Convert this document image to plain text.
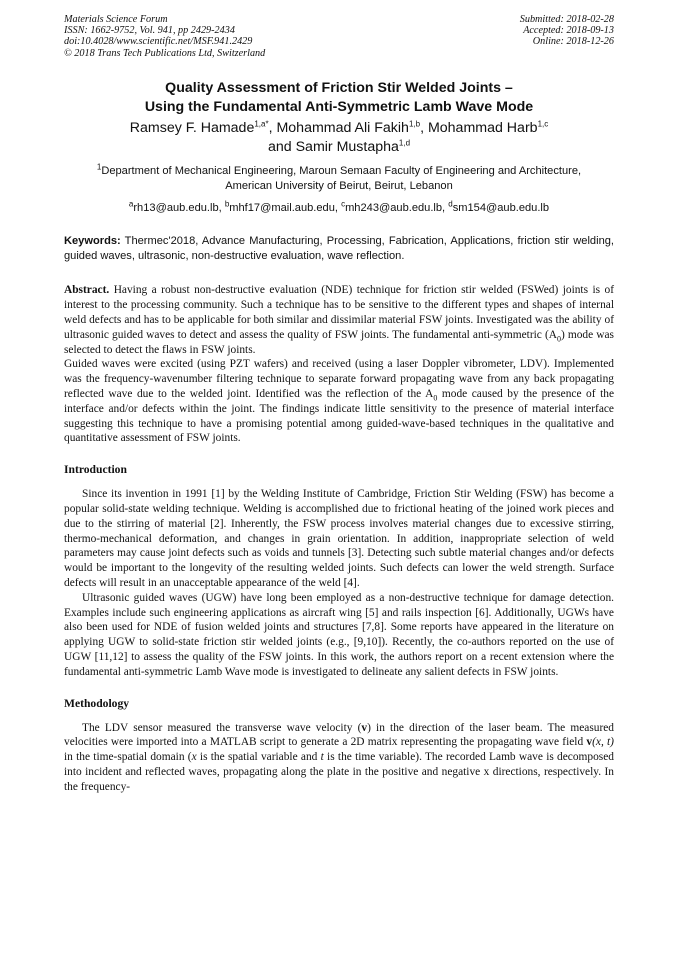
Materials Science Forum
ISSN: 1662-9752, Vol. 941, pp 2429-2434
doi:10.4028/www.scientific.net/MSF.941.2429
© 2018 Trans Tech Publications Ltd, Switzerland
Submitted: 2018-02-28
Accepted: 2018-09-13
Online: 2018-12-26
Quality Assessment of Friction Stir Welded Joints –
Using the Fundamental Anti-Symmetric Lamb Wave Mode
Ramsey F. Hamade$^{1,a*}$, Mohammad Ali Fakih$^{1,b}$, Mohammad Harb$^{1,c}$
and Samir Mustapha$^{1,d}$
$^1$Department of Mechanical Engineering, Maroun Semaan Faculty of Engineering and Architecture,
American University of Beirut, Beirut, Lebanon
$^a$rh13@aub.edu.lb, $^b$mhf17@mail.aub.edu, $^c$mh243@aub.edu.lb, $^d$sm154@aub.edu.lb
Keywords: Thermec'2018, Advance Manufacturing, Processing, Fabrication, Applications, friction stir welding, guided waves, ultrasonic, non-destructive evaluation, wave reflection.

Abstract. Having a robust non-destructive evaluation (NDE) technique for friction stir welded (FSWed) joints is of interest to the processing community. Such a technique has to be sensitive to the different types and shapes of internal weld defects and has to be applicable for both similar and dissimilar material FSW joints. Investigated was the ability of ultrasonic guided waves to detect and assess the quality of FSW joints. The fundamental anti-symmetric $(A_0)$ mode was selected to detect the flaws in FSW joints.

Guided waves were excited (using PZT wafers) and received (using a laser Doppler vibrometer, LDV). Implemented was the frequency-wavenumber filtering technique to separate forward propagating wave from any back propagating reflected wave due to the welded joint. Identified was the reflection of the $A_0$ mode caused by the presence of the interface and/or defects within the joint. The findings indicate little sensitivity to the presence of material interface suggesting this technique to have a promising potential among guided-wave-based techniques in the qualitative and quantitative assessment of FSW joints.

Introduction

Since its invention in 1991 [1] by the Welding Institute of Cambridge, Friction Stir Welding (FSW) has become a popular solid-state welding technique. Welding is accomplished due to frictional heating of the joined work pieces and due to the stirring of material [2]. Inherently, the FSW process involves material changes due to excessive stirring, thermo-mechanical deformation, and changes in grain orientation. In addition, inappropriate selection of weld parameters may cause joint defects such as voids and tunnels [3]. Detecting such subtle material changes and/or defects would be important to the longevity of the resulting welded joints. Such defects can lower the weld strength. Surface defects will result in an unacceptable appearance of the weld [4].

Ultrasonic guided waves (UGW) have long been employed as a non-destructive technique for damage detection. Examples include such engineering applications as aircraft wing [5] and rails inspection [6]. Additionally, UGWs have also been used for NDE of fusion welded joints and structures [7,8]. Some reports have appeared in the literature on applying UGW to solid-state friction stir welded joints (e.g., [9,10]). Recently, the co-authors reported on the use of UGW [11,12] to assess the quality of the FSW joints. In this work, the authors report on a recent extension where the fundamental anti-symmetric Lamb Wave mode is investigated to delineate any salient defects in FSW joints.

Methodology

The LDV sensor measured the transverse wave velocity (v) in the direction of the laser beam. The measured velocities were imported into a MATLAB script to generate a 2D matrix representing the propagating wave field v(x, t) in the time-spatial domain (x is the spatial variable and t is the time variable). The recorded Lamb wave is decomposed into incident and reflected waves, propagating along the plate in the positive and negative x directions, respectively. In the frequency-
